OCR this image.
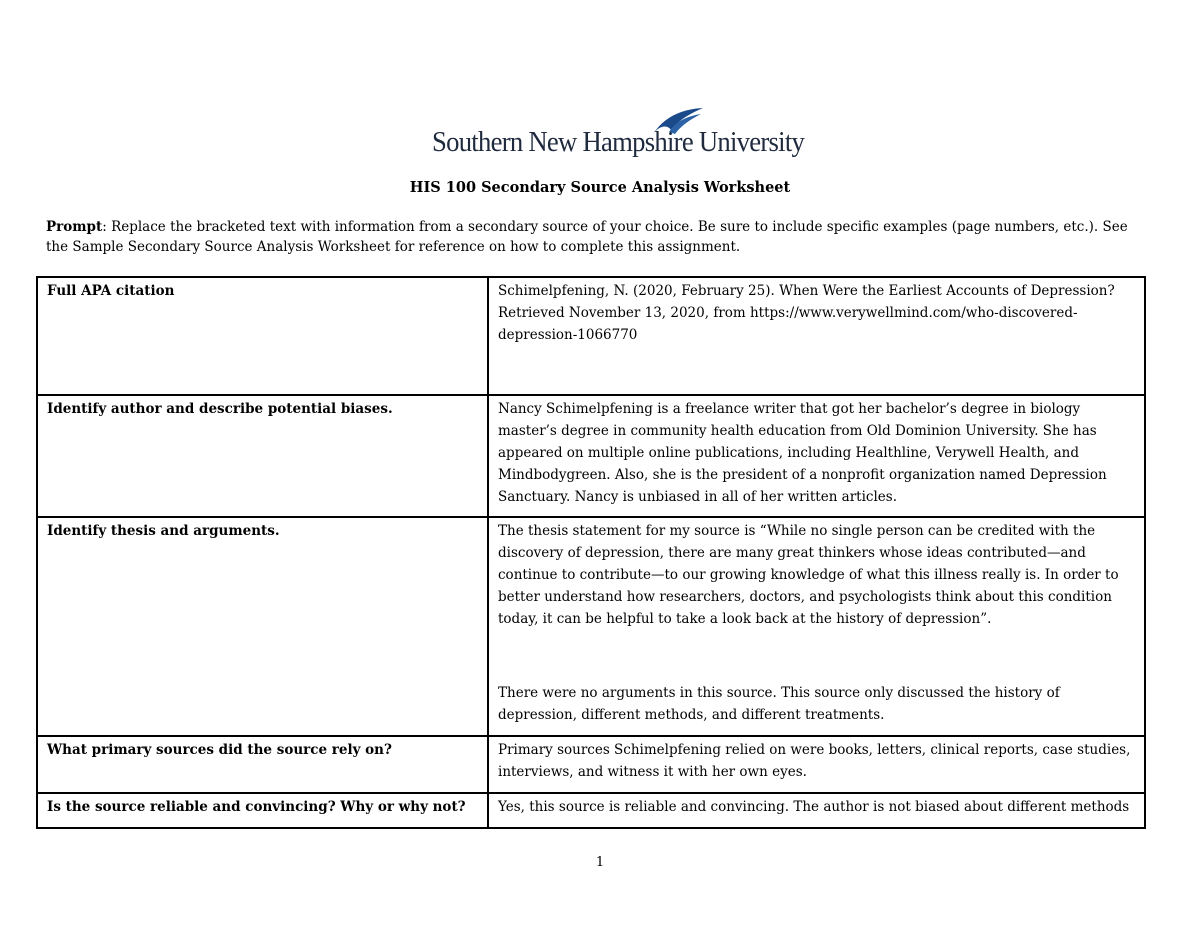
Southern New Hampshire University
HIS 100 Secondary Source Analysis Worksheet
Prompt: Replace the bracketed text with information from a secondary source of your choice. Be sure to include specific examples (page numbers, etc.). See the Sample Secondary Source Analysis Worksheet for reference on how to complete this assignment.
Full APA citation	Schimelpfening, N. (2020, February 25). When Were the Earliest Accounts of Depression? Retrieved November 13, 2020, from https://www.verywellmind.com/who-discovered-depression-1066770
Identify author and describe potential biases.	Nancy Schimelpfening is a freelance writer that got her bachelor’s degree in biology master’s degree in community health education from Old Dominion University. She has appeared on multiple online publications, including Healthline, Verywell Health, and Mindbodygreen. Also, she is the president of a nonprofit organization named Depression Sanctuary. Nancy is unbiased in all of her written articles.
Identify thesis and arguments.	The thesis statement for my source is “While no single person can be credited with the discovery of depression, there are many great thinkers whose ideas contributed—and continue to contribute—to our growing knowledge of what this illness really is. In order to better understand how researchers, doctors, and psychologists think about this condition today, it can be helpful to take a look back at the history of depression”.
There were no arguments in this source. This source only discussed the history of depression, different methods, and different treatments.

What primary sources did the source rely on?	Primary sources Schimelpfening relied on were books, letters, clinical reports, case studies, interviews, and witness it with her own eyes.
Is the source reliable and convincing? Why or why not?	Yes, this source is reliable and convincing. The author is not biased about different methods
1
